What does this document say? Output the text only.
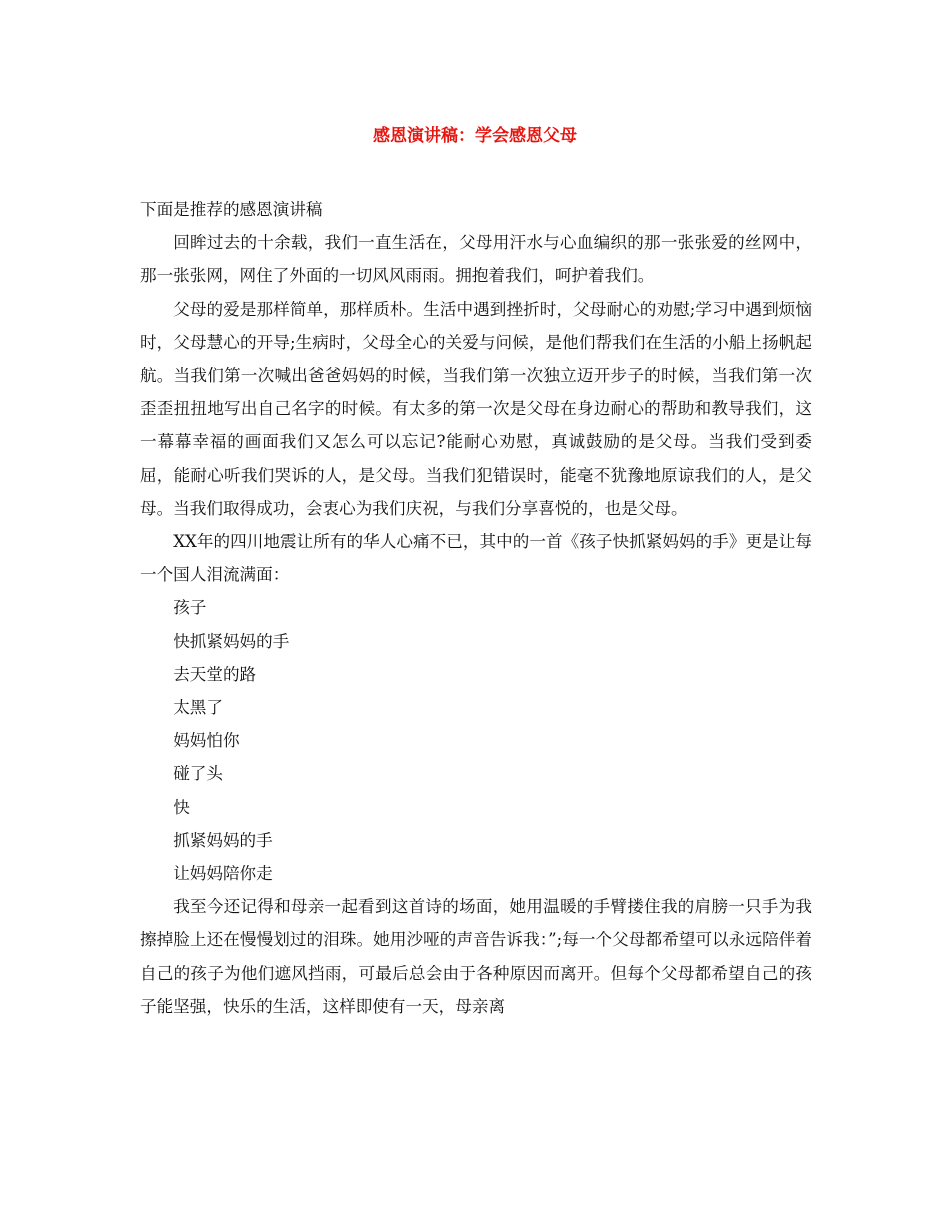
感恩演讲稿：学会感恩父母

下面是推荐的感恩演讲稿

回眸过去的十余载，我们一直生活在，父母用汗水与心血编织的那一张张爱的丝网中，那一张张网，网住了外面的一切风风雨雨。拥抱着我们，呵护着我们。

父母的爱是那样简单，那样质朴。生活中遇到挫折时，父母耐心的劝慰;学习中遇到烦恼时，父母慧心的开导;生病时，父母全心的关爱与问候，是他们帮我们在生活的小船上扬帆起航。当我们第一次喊出爸爸妈妈的时候，当我们第一次独立迈开步子的时候，当我们第一次歪歪扭扭地写出自己名字的时候。有太多的第一次是父母在身边耐心的帮助和教导我们，这一幕幕幸福的画面我们又怎么可以忘记?能耐心劝慰，真诚鼓励的是父母。当我们受到委屈，能耐心听我们哭诉的人，是父母。当我们犯错误时，能毫不犹豫地原谅我们的人，是父母。当我们取得成功，会衷心为我们庆祝，与我们分享喜悦的，也是父母。

XX年的四川地震让所有的华人心痛不已，其中的一首《孩子快抓紧妈妈的手》更是让每一个国人泪流满面：

孩子

快抓紧妈妈的手

去天堂的路

太黑了

妈妈怕你

碰了头

快

抓紧妈妈的手

让妈妈陪你走

我至今还记得和母亲一起看到这首诗的场面，她用温暖的手臂搂住我的肩膀一只手为我擦掉脸上还在慢慢划过的泪珠。她用沙哑的声音告诉我：”;每一个父母都希望可以永远陪伴着自己的孩子为他们遮风挡雨，可最后总会由于各种原因而离开。但每个父母都希望自己的孩子能坚强，快乐的生活，这样即使有一天，母亲离
